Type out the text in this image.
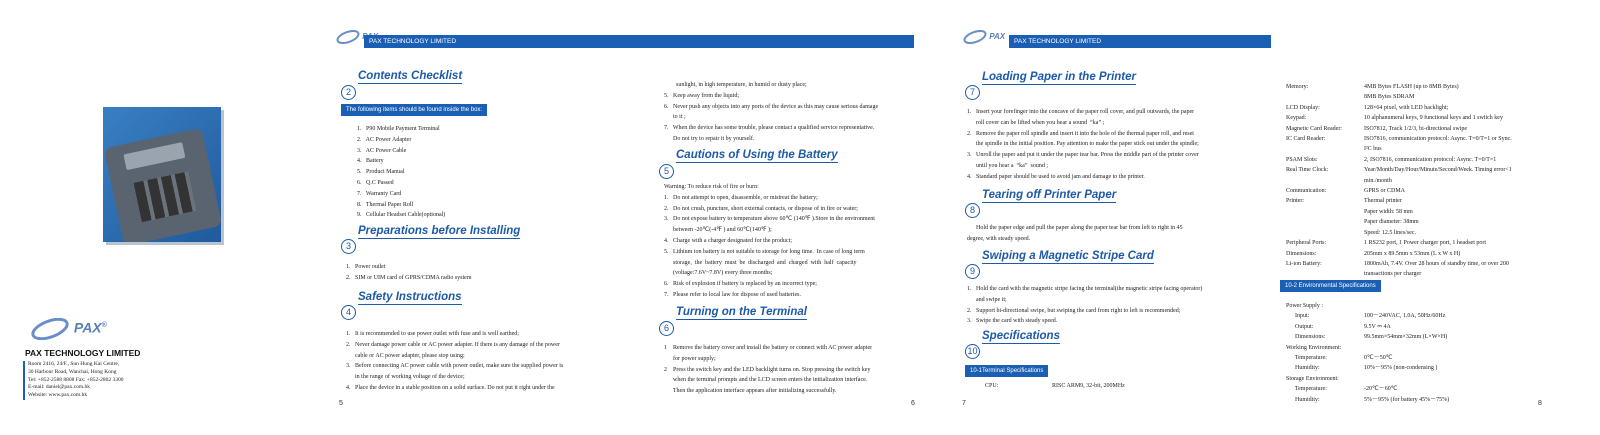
PAX®
PAX TECHNOLOGY LIMITED
Room 2416, 24/F., Sun Hung Kai Centre,
30 Harbour Road, Wanchai, Hong Kong
Tel: +852-2588 8808 Fax: +852-2802 3300
E-mail: daniel@pax.com.hk
Website: www.pax.com.hk
PAX TECHNOLOGY LIMITED
Contents Checklist
2
The following items should be found inside the box:
1.   P90 Mobile Payment Terminal
2.   AC Power Adapter
3.   AC Power Cable
4.   Battery
5.   Product Manual
6.   Q.C Passed
7.   Warranty Card
8.   Thermal Paper Roll
9.   Cellular Headset Cable(optional)
Preparations before Installing
3
1.   Power outlet
2.   SIM or UIM card of GPRS/CDMA radio system
Safety Instructions
4
1.   It is recommended to use power outlet with fuse and is well earthed;
2.   Never damage power cable or AC power adapter. If there is any damage of the power
cable or AC power adapter, please stop using;
3.   Before connecting AC power cable with power outlet, make sure the supplied power is
in the range of working voltage of the device;
4.   Place the device in a stable position on a solid surface. Do not put it right under the
5
sunlight, in high temperature, in humid or dusty place;
5.   Keep away from the liquid;
6.   Never push any objects into any ports of the device as this may cause serious damage
to it ;
7.   When the device has some trouble, please contact a qualified service representative.
Do not try to repair it by yourself.
Cautions of Using the Battery
5
Warning: To reduce risk of fire or burn:
1.   Do not attempt to open, disassemble, or mistreat the battery;
2.   Do not crush, puncture, short external contacts, or dispose of in fire or water;
3.   Do not expose battery to temperature above 60℃ (140℉ ).Store in the environment
between -20℃(-4℉ ) and 60℃(140℉ );
4.   Charge with a charger designated for the product;
5.   Lithium ion battery is not suitable to storage for long time.  In case of long term
storage,  the  battery  must  be  discharged  and  charged  with  half  capacity
(voltage:7.6V~7.8V) every three months;
6.   Risk of explosion if battery is replaced by an incorrect type;
7.   Please refer to local law for dispose of used batteries.
Turning on the Terminal
6
1    Remove the battery cover and install the battery or connect with AC power adapter
for power supply;
2    Press the switch key and the LED backlight turns on. Stop pressing the switch key
when the terminal prompts and the LCD screen enters the initialization interface.
Then the application interface appears after initializing successfully.
6
PAX
PAX TECHNOLOGY LIMITED
Loading Paper in the Printer
7
1.   Insert your forefinger into the concave of the paper roll cover, and pull outwards, the paper
roll cover can be lifted when you hear a sound  “ka” ;
2.   Remove the paper roll spindle and insert it into the hole of the thermal paper roll, and reset
the spindle in the initial position. Pay attention to make the paper stick out under the spindle;
3.   Unroll the paper and put it under the paper tear bar. Press the middle part of the printer cover
until you hear a  “ka”  sound ;
4.   Standard paper should be used to avoid jam and damage to the printer.
Tearing off Printer Paper
8
Hold the paper edge and pull the paper along the paper tear bar from left to right in 45
degree, with steady speed.
Swiping a Magnetic Stripe Card
9
1.   Hold the card with the magnetic stripe facing the terminal(the magnetic stripe facing operator)
and swipe it;
2.   Support bi-directional swipe, but swiping the card from right to left is recommended;
3.   Swipe the card with steady speed.
Specifications
10
10-1Terminal Specifications
CPU:	RISC ARM9, 32-bit, 200MHz
7
Memory:	4MB Bytes FLASH (up to 8MB Bytes)
8MB Bytes SDRAM
LCD Display:	128×64 pixel, with LED backlight;
Keypad:	10 alphanumeral keys, 9 functional keys and 1 switch key
Magnetic Card Reader:	ISO7812, Track 1/2/3, bi-directional swipe
IC Card Reader:	ISO7816, communication protocol: Async. T=0/T=1 or Sync.
I²C bus
PSAM Slots:	2, ISO7816, communication protocol: Async. T=0/T=1
Real Time Clock:	Year/Month/Day/Hour/Minute/Second/Week. Timing error<1
min./month
Communication:	GPRS or CDMA
Printer:	Thermal printer
Paper width: 58 mm
Paper diameter: 38mm
Speed: 12.5 lines/sec.
Peripheral Ports:	1 RS232 port, 1 Power charger port, 1 headset port
Dimensions:	205mm x 89.5mm x 53mm (L x W x H)
Li-ion Battery:	1800mAh, 7.4V. Over 28 hours of standby time, or over 200
transactions per charger
10-2 Environmental Specifications
Power Supply :
Input:	100～240VAC, 1.0A, 50Hz/60Hz
Output:	9.5V ⎓ 4A
Dimensions:	99.5mm×54mm×32mm (L×W×H)
Working Environment:
Temperature:	0℃～50℃
Humidity:	10%～95% (non-condensing )
Storage Environment:
Temperature:	-20℃～60℃
Humidity:	5%～95% (for battery 45%～75%)
8
